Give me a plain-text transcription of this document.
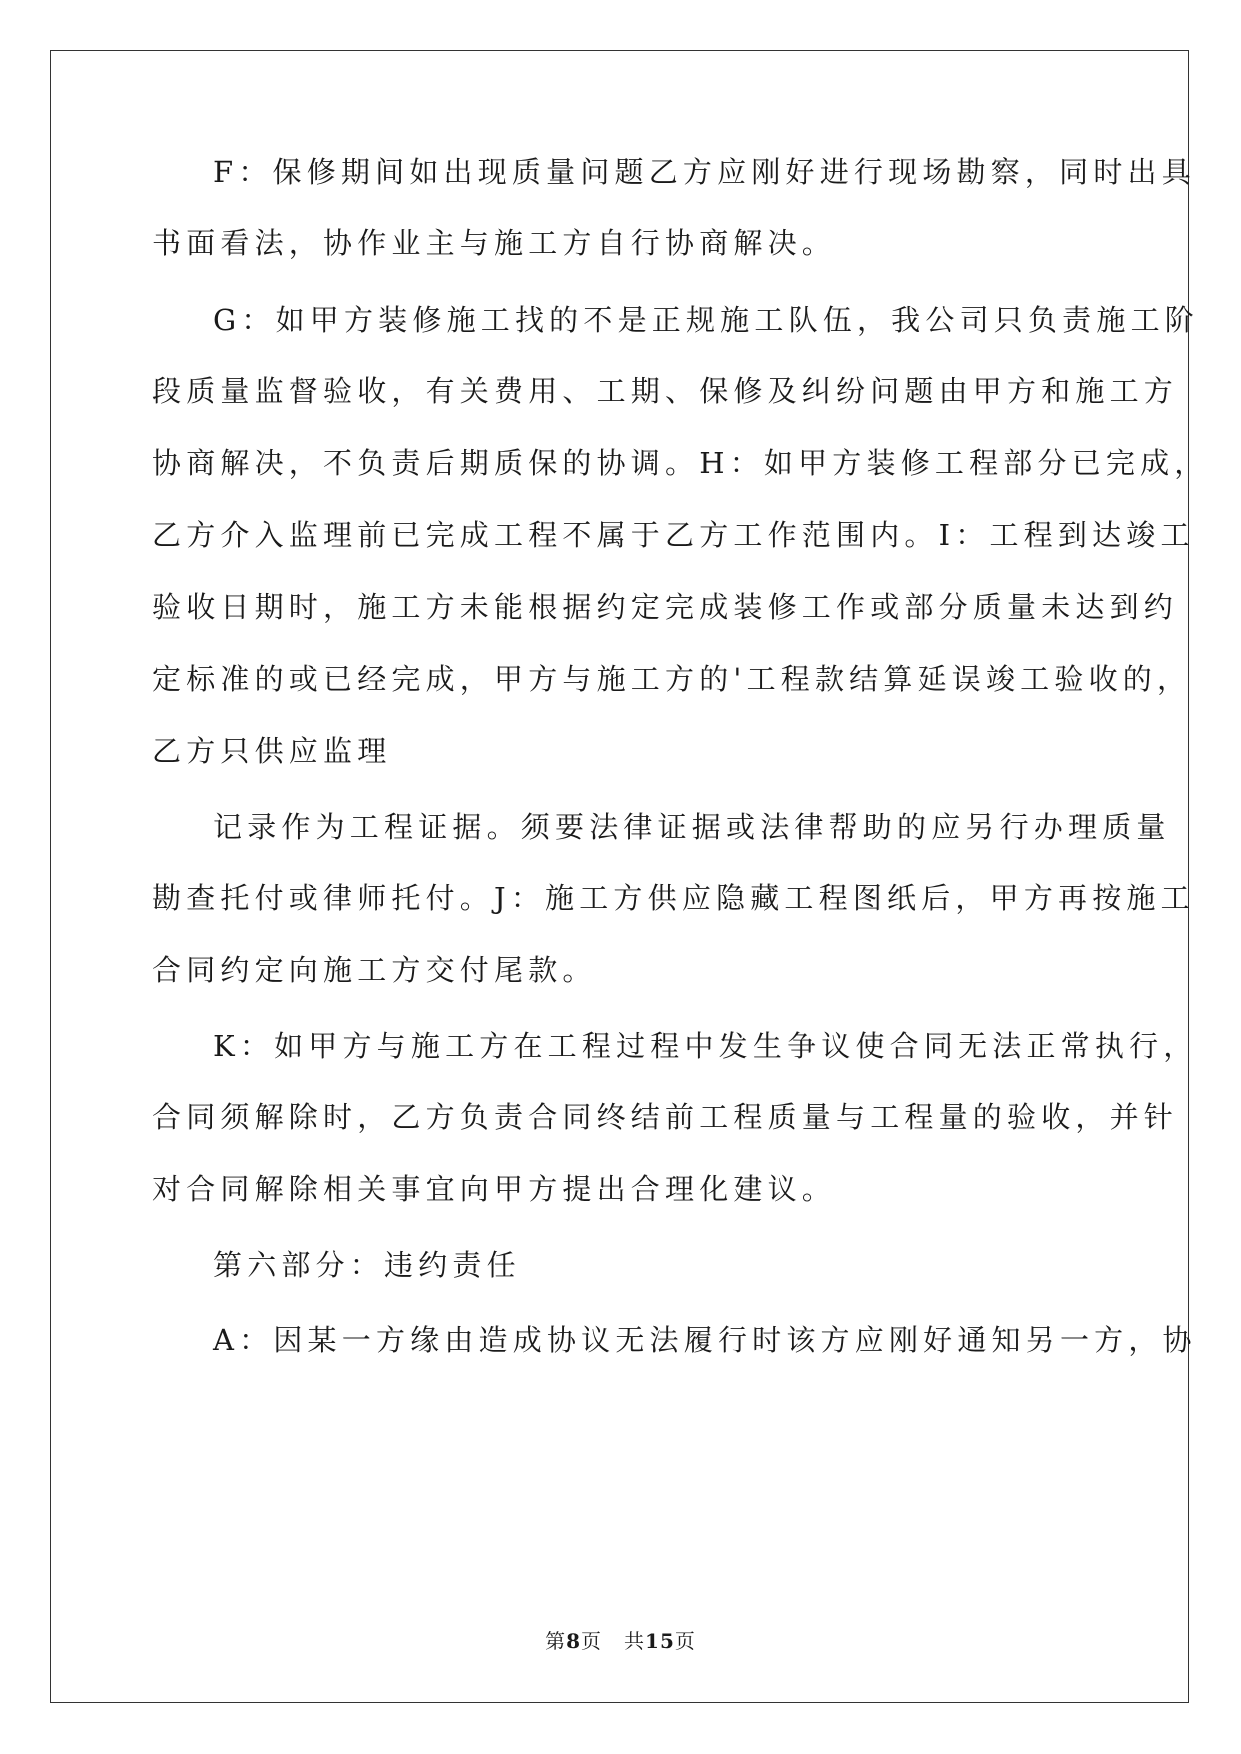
F：保修期间如出现质量问题乙方应刚好进行现场勘察，同时出具

书面看法，协作业主与施工方自行协商解决。

G：如甲方装修施工找的不是正规施工队伍，我公司只负责施工阶

段质量监督验收，有关费用、工期、保修及纠纷问题由甲方和施工方

协商解决，不负责后期质保的协调。H：如甲方装修工程部分已完成，

乙方介入监理前已完成工程不属于乙方工作范围内。I：工程到达竣工

验收日期时，施工方未能根据约定完成装修工作或部分质量未达到约

定标准的或已经完成，甲方与施工方的'工程款结算延误竣工验收的，

乙方只供应监理

记录作为工程证据。须要法律证据或法律帮助的应另行办理质量

勘查托付或律师托付。J：施工方供应隐藏工程图纸后，甲方再按施工

合同约定向施工方交付尾款。

K：如甲方与施工方在工程过程中发生争议使合同无法正常执行，

合同须解除时，乙方负责合同终结前工程质量与工程量的验收，并针

对合同解除相关事宜向甲方提出合理化建议。

第六部分：违约责任

A：因某一方缘由造成协议无法履行时该方应刚好通知另一方，协

第8页 共15页
